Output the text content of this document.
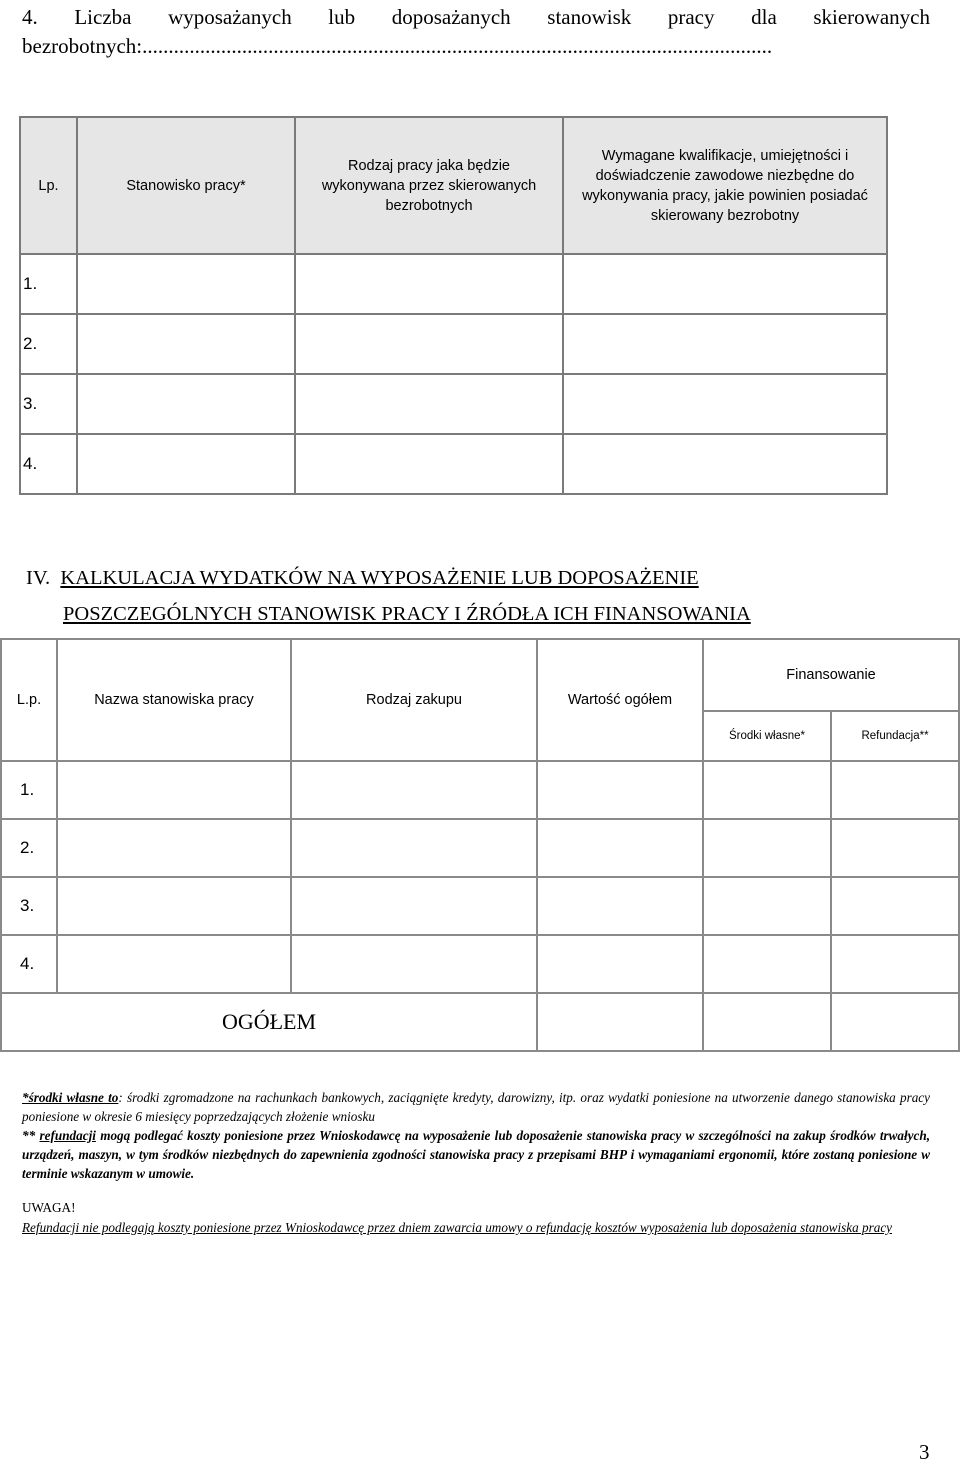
4. Liczba wyposażanych lub doposażanych stanowisk pracy dla skierowanych
bezrobotnych:........................................................................................................................
Lp.	Stanowisko pracy*	Rodzaj pracy jaka będzie wykonywana przez skierowanych bezrobotnych	Wymagane kwalifikacje, umiejętności i doświadczenie zawodowe niezbędne do wykonywania pracy, jakie powinien posiadać skierowany bezrobotny

1.			
2.			
3.			
4.			
IV. KALKULACJA WYDATKÓW NA WYPOSAŻENIE LUB DOPOSAŻENIE
POSZCZEGÓLNYCH STANOWISK PRACY I ŹRÓDŁA ICH FINANSOWANIA
L.p.	Nazwa stanowiska pracy	Rodzaj zakupu	Wartość ogółem	Finansowanie	
				Środki własne*	Refundacja**
1.					
2.					
3.					
4.					
OGÓŁEM					

*środki własne to: środki zgromadzone na rachunkach bankowych, zaciągnięte kredyty, darowizny, itp. oraz wydatki poniesione na utworzenie danego stanowiska pracy poniesione w okresie 6 miesięcy poprzedzających złożenie wniosku

** refundacji mogą podlegać koszty poniesione przez Wnioskodawcę na wyposażenie lub doposażenie stanowiska pracy w szczególności na zakup środków trwałych, urządzeń, maszyn, w tym środków niezbędnych do zapewnienia zgodności stanowiska pracy z przepisami BHP i wymaganiami ergonomii, które zostaną poniesione w terminie wskazanym w umowie.

UWAGA!
Refundacji nie podlegają koszty poniesione przez Wnioskodawcę przez dniem zawarcia umowy o refundację kosztów wyposażenia lub doposażenia stanowiska pracy
3
